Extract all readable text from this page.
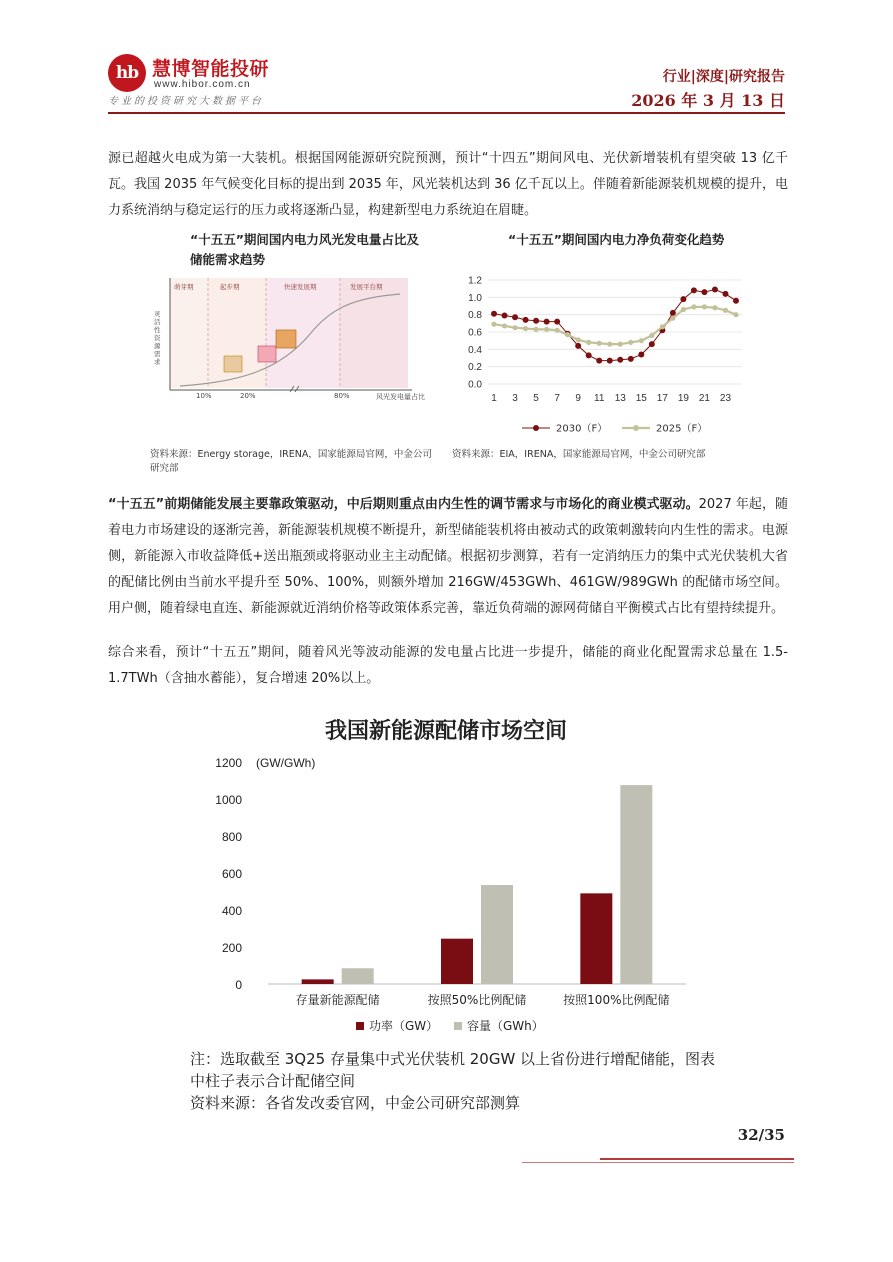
hb 慧博智能投研
www.hibor.com.cn
专业的投资研究大数据平台
行业|深度|研究报告
2026 年 3 月 13 日
源已超越火电成为第一大装机。根据国网能源研究院预测，预计“十四五”期间风电、光伏新增装机有望突破 13 亿千瓦。我国 2035 年气候变化目标的提出到 2035 年，风光装机达到 36 亿千瓦以上。伴随着新能源装机规模的提升，电力系统消纳与稳定运行的压力或将逐渐凸显，构建新型电力系统迫在眉睫。
“十五五”期间国内电力风光发电量占比及储能需求趋势
萌芽期	起步期	快速发展期	发展平台期
灵活性资源需求
10%	20%	80%	风光发电量占比
资料来源：Energy storage，IRENA，国家能源局官网，中金公司研究部
“十五五”期间国内电力净负荷变化趋势
0.0
0.2
0.4
0.6
0.8
1.0
1.2
1 3 5 7 9 11 13 15 17 19 21 23
2030（F）	2025（F）
资料来源：EIA，IRENA，国家能源局官网，中金公司研究部
“十五五”前期储能发展主要靠政策驱动，中后期则重点由内生性的调节需求与市场化的商业模式驱动。2027 年起，随着电力市场建设的逐渐完善，新能源装机规模不断提升，新型储能装机将由被动式的政策刺激转向内生性的需求。电源侧，新能源入市收益降低+送出瓶颈或将驱动业主主动配储。根据初步测算，若有一定消纳压力的集中式光伏装机大省的配储比例由当前水平提升至 50%、100%，则额外增加 216GW/453GWh、461GW/989GWh 的配储市场空间。用户侧，随着绿电直连、新能源就近消纳价格等政策体系完善，靠近负荷端的源网荷储自平衡模式占比有望持续提升。
综合来看，预计“十五五”期间，随着风光等波动能源的发电量占比进一步提升，储能的商业化配置需求总量在 1.5-1.7TWh（含抽水蓄能），复合增速 20%以上。
我国新能源配储市场空间
0
200
400
600
800
1000
1200 (GW/GWh)
存量新能源配储	按照50%比例配储	按照100%比例配储
功率（GW） 容量（GWh）
注：选取截至 3Q25 存量集中式光伏装机 20GW 以上省份进行增配储能，图表中柱子表示合计配储空间
资料来源：各省发改委官网，中金公司研究部测算
32/35
